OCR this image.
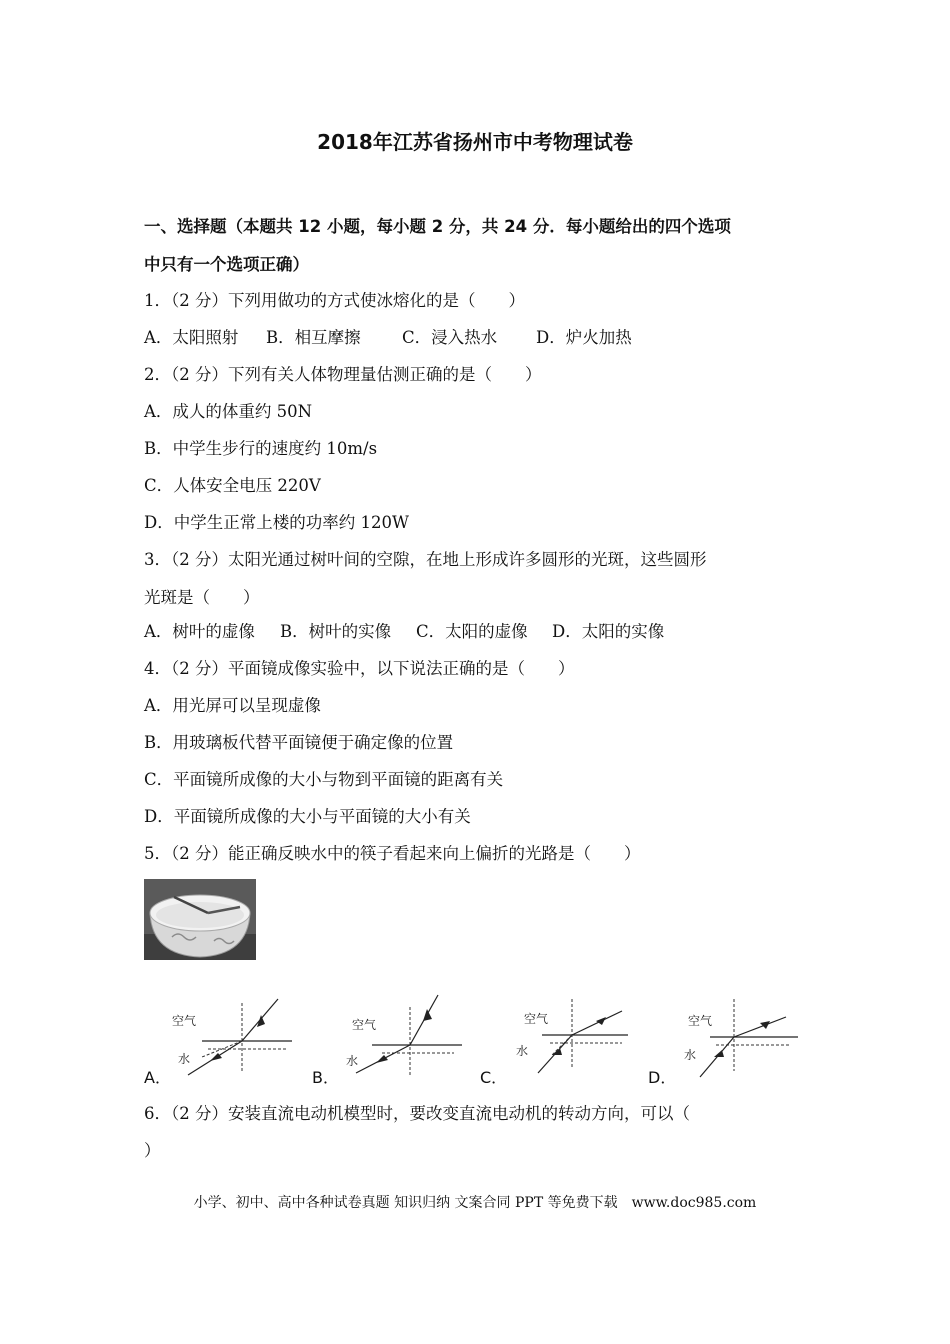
2018年江苏省扬州市中考物理试卷
一、选择题（本题共 12 小题，每小题 2 分，共 24 分．每小题给出的四个选项
中只有一个选项正确）
1．（2 分）下列用做功的方式使冰熔化的是（　　）
A．太阳照射 B．相互摩擦	C．浸入热水 D．炉火加热
2．（2 分）下列有关人体物理量估测正确的是（　　）
A．成人的体重约 50N
B．中学生步行的速度约 10m/s
C．人体安全电压 220V
D．中学生正常上楼的功率约 120W
3．（2 分）太阳光通过树叶间的空隙，在地上形成许多圆形的光斑，这些圆形
光斑是（　　）
A．树叶的虚像 B．树叶的实像 C．太阳的虚像 D．太阳的实像
4．（2 分）平面镜成像实验中，以下说法正确的是（　　）
A．用光屏可以呈现虚像
B．用玻璃板代替平面镜便于确定像的位置
C．平面镜所成像的大小与物到平面镜的距离有关
D．平面镜所成像的大小与平面镜的大小有关
5．（2 分）能正确反映水中的筷子看起来向上偏折的光路是（　　）
空气
水
A．
空气
水
B．
空气
水
C．
空气
水
D．
6．（2 分）安装直流电动机模型时，要改变直流电动机的转动方向，可以（
）
小学、初中、高中各种试卷真题 知识归纳 文案合同 PPT 等免费下载　www.doc985.com
